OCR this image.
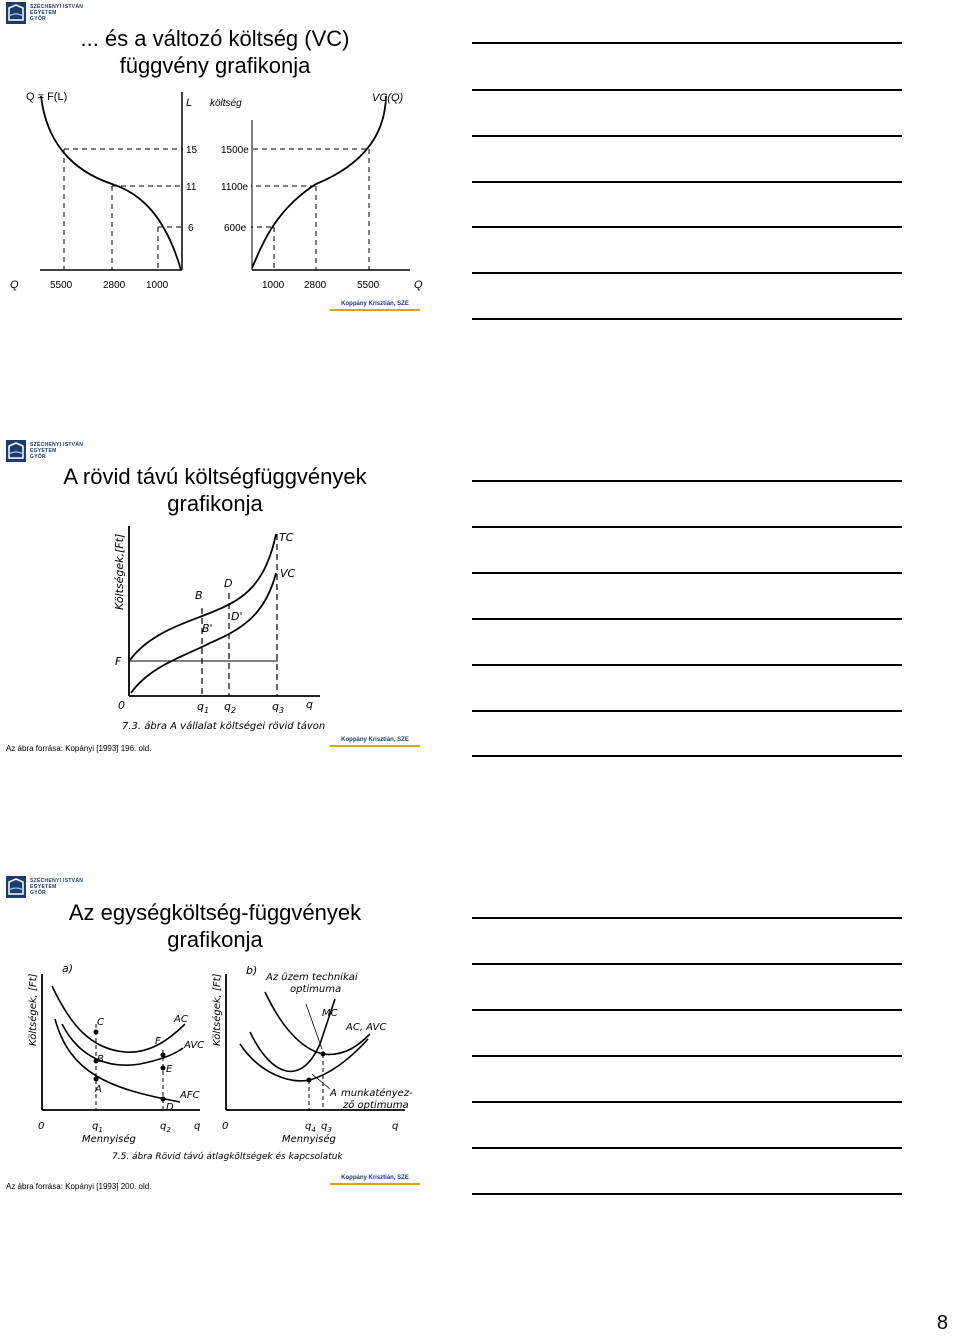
SZÉCHENYI ISTVÁN
EGYETEM
GYŐR
... és a változó költség (VC)
függvény grafikonja
Q = F(L)	L költség	VC(Q)
15 1500e
11 1100e
6	600e
Q	5500	2800 1000	1000 2800	5500	Q
Koppány Krisztián, SZE
SZÉCHENYI ISTVÁN
EGYETEM
GYŐR
A rövid távú költségfüggvények
grafikonja
Költségek,[Ft]	TC
VC
B
D
B'
D'
F
0	$q_1$ $q_2$	$q_3$ q
7.3. ábra A vállalat költségei rövid távon
Az ábra forrása: Kopányi [1993] 196. old.
Koppány Krisztián, SZE
SZÉCHENYI ISTVÁN
EGYETEM
GYŐR
Az egységköltség-függvények
grafikonja
a)
Költségek, [Ft]	C
F
B
E
A
D
AC
AVC
AFC
0	$q_1$	$q_2$ q
Mennyiség
b)
Költségek, [Ft]	Az üzem technikai
optimuma
MC
AC, AVC
A munkatényez-
ző optimuma
0	$q_4$ $q_3$	q
Mennyiség
7.5. ábra Rövid távú átlagköltségek és kapcsolatuk
Az ábra forrása: Kopányi [1993] 200. old.
Koppány Krisztián, SZE
8
